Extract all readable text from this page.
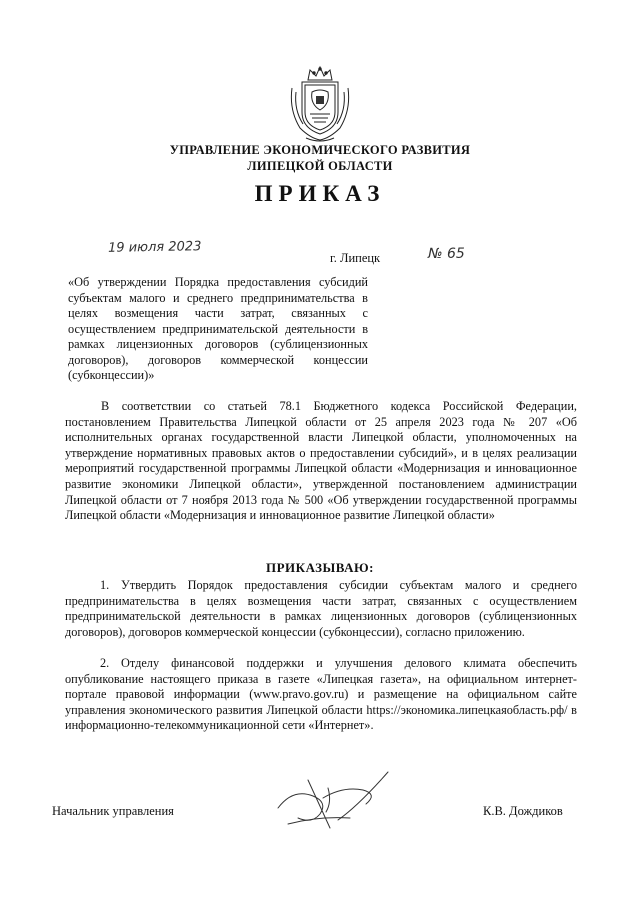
УПРАВЛЕНИЕ ЭКОНОМИЧЕСКОГО РАЗВИТИЯ
ЛИПЕЦКОЙ ОБЛАСТИ
ПРИКАЗ
19 июля 2023
г. Липецк	№ 65
«Об утверждении Порядка предоставления субсидий субъектам малого и среднего предпринимательства в целях возмещения части затрат, связанных с осуществлением предпринимательской деятельности в рамках лицензионных договоров (сублицензионных договоров), договоров коммерческой концессии (субконцессии)»
В соответствии со статьей 78.1 Бюджетного кодекса Российской Федерации, постановлением Правительства Липецкой области от 25 апреля 2023 года № 207 «Об исполнительных органах государственной власти Липецкой области, уполномоченных на утверждение нормативных правовых актов о предоставлении субсидий», и в целях реализации мероприятий государственной программы Липецкой области «Модернизация и инновационное развитие экономики Липецкой области», утвержденной постановлением администрации Липецкой области от 7 ноября 2013 года № 500 «Об утверждении государственной программы Липецкой области «Модернизация и инновационное развитие Липецкой области»
ПРИКАЗЫВАЮ:
1. Утвердить Порядок предоставления субсидии субъектам малого и среднего предпринимательства в целях возмещения части затрат, связанных с осуществлением предпринимательской деятельности в рамках лицензионных договоров (сублицензионных договоров), договоров коммерческой концессии (субконцессии), согласно приложению.
2. Отделу финансовой поддержки и улучшения делового климата обеспечить опубликование настоящего приказа в газете «Липецкая газета», на официальном интернет-портале правовой информации (www.pravo.gov.ru) и размещение на официальном сайте управления экономического развития Липецкой области https://экономика.липецкаяобласть.рф/ в информационно-телекоммуникационной сети «Интернет».
Начальник управления	К.В. Дождиков
